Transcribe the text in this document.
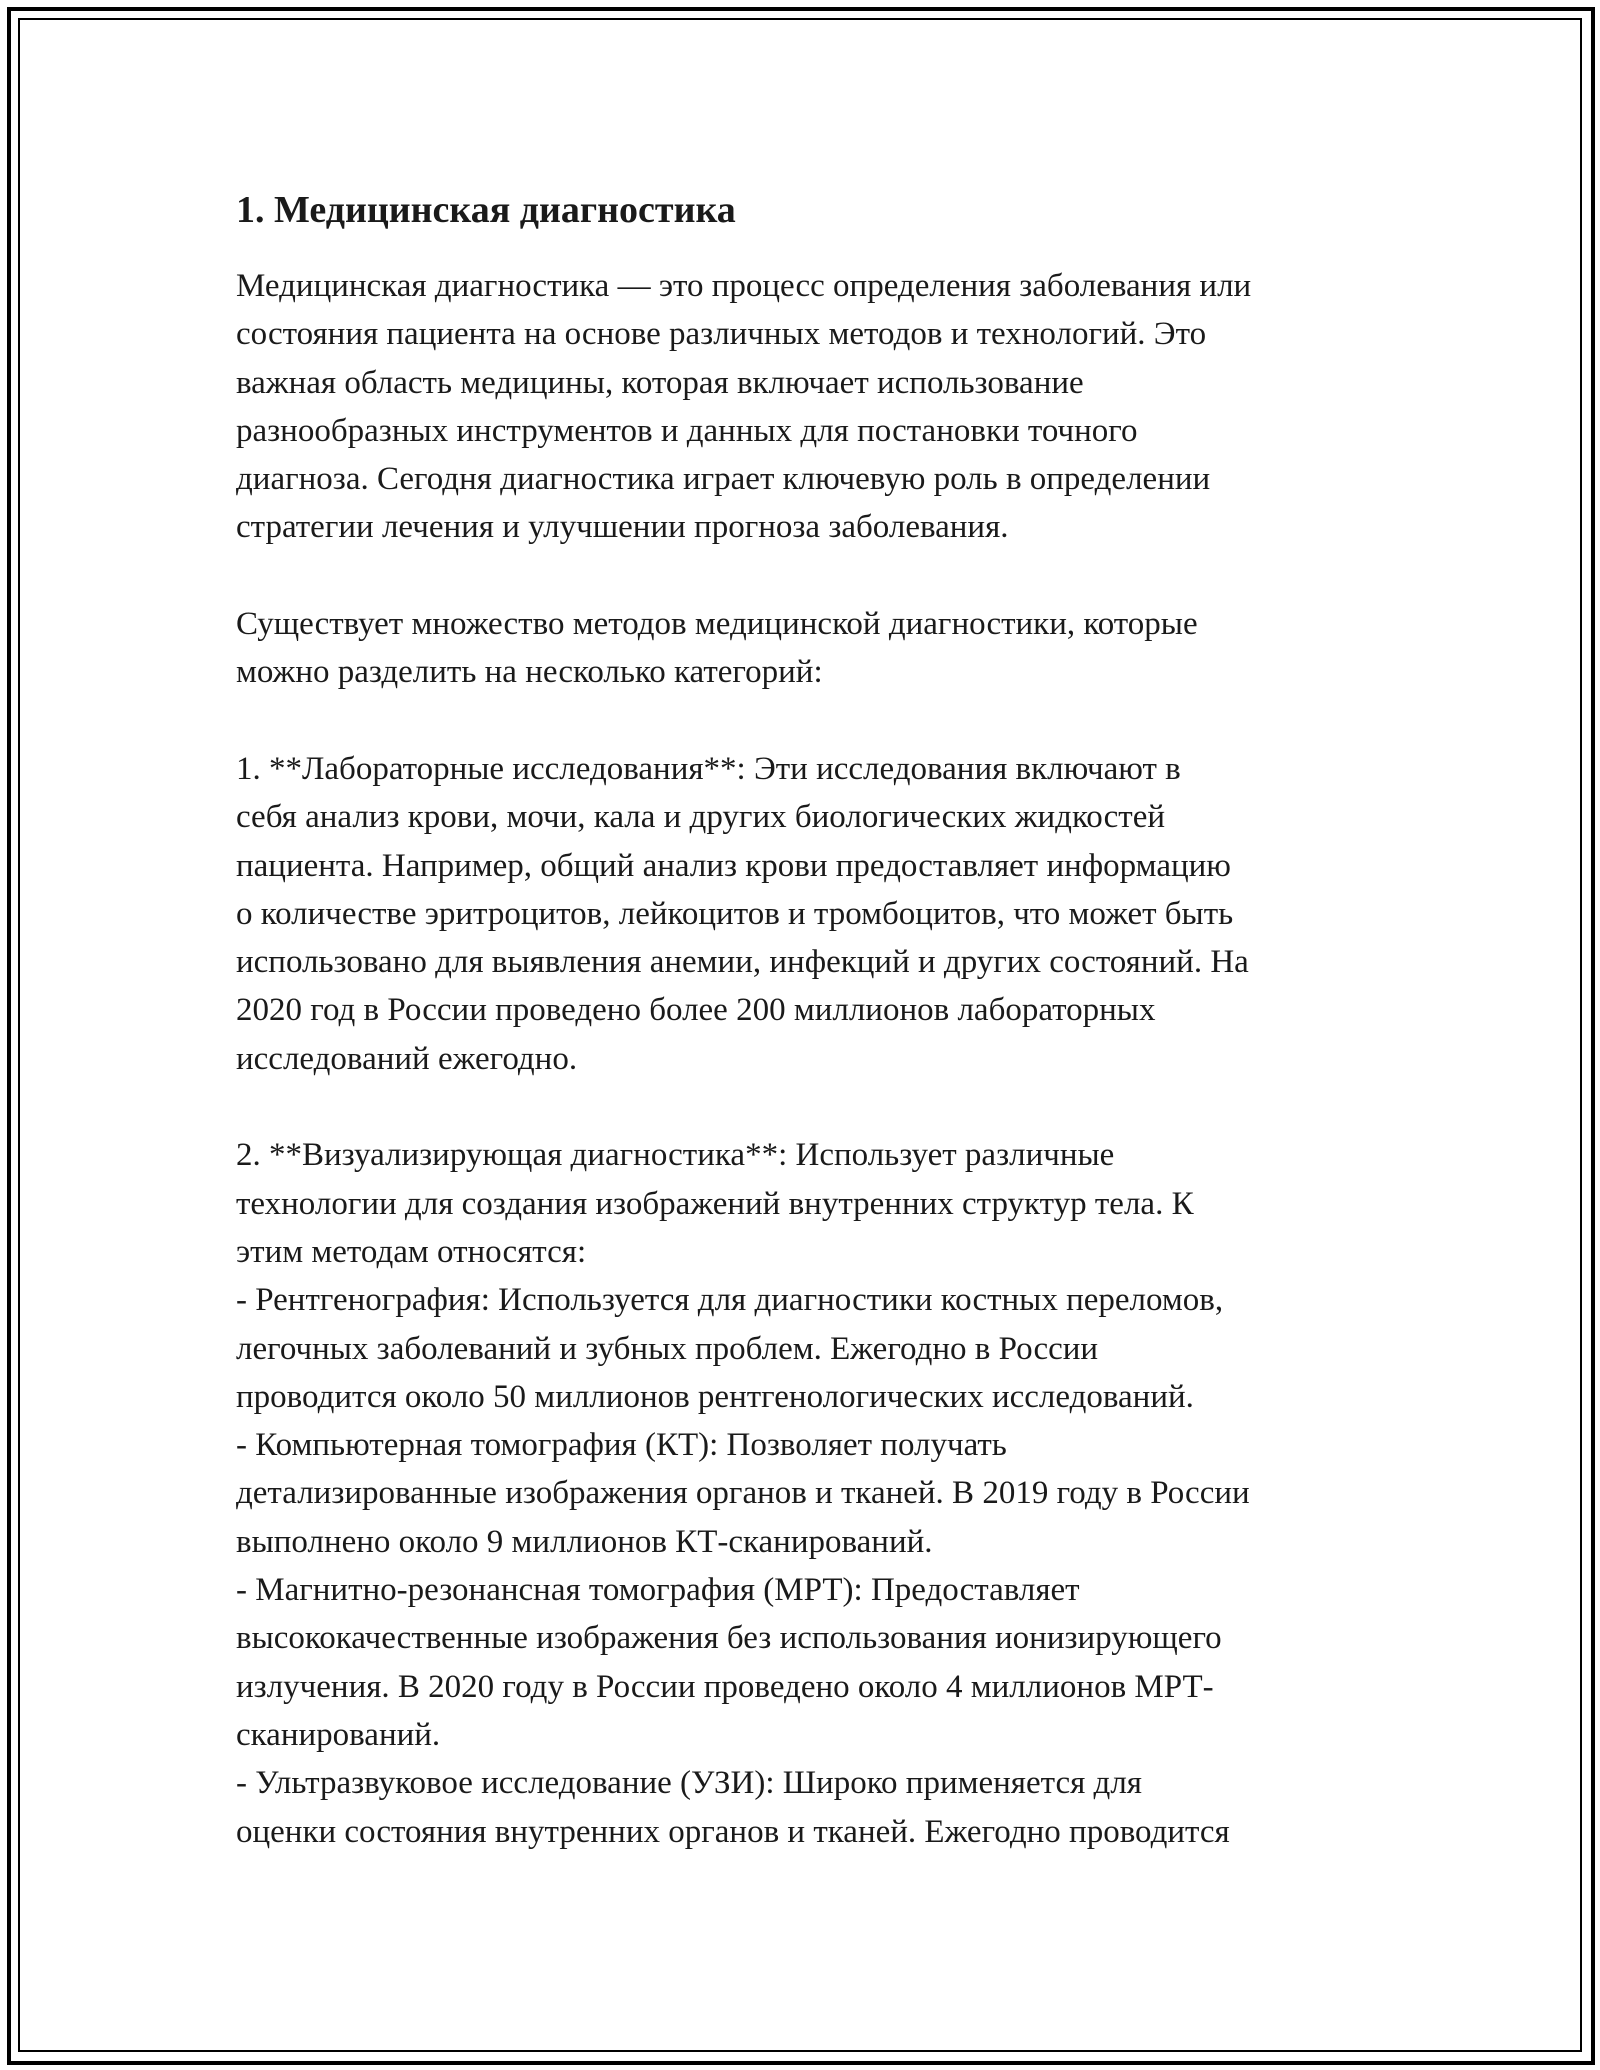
1. Медицинская диагностика

Медицинская диагностика — это процесс определения заболевания или
состояния пациента на основе различных методов и технологий. Это
важная область медицины, которая включает использование
разнообразных инструментов и данных для постановки точного
диагноза. Сегодня диагностика играет ключевую роль в определении
стратегии лечения и улучшении прогноза заболевания.

Существует множество методов медицинской диагностики, которые
можно разделить на несколько категорий:

1. **Лабораторные исследования**: Эти исследования включают в
себя анализ крови, мочи, кала и других биологических жидкостей
пациента. Например, общий анализ крови предоставляет информацию
о количестве эритроцитов, лейкоцитов и тромбоцитов, что может быть
использовано для выявления анемии, инфекций и других состояний. На
2020 год в России проведено более 200 миллионов лабораторных
исследований ежегодно.

2. **Визуализирующая диагностика**: Использует различные
технологии для создания изображений внутренних структур тела. К
этим методам относятся:
- Рентгенография: Используется для диагностики костных переломов,
легочных заболеваний и зубных проблем. Ежегодно в России
проводится около 50 миллионов рентгенологических исследований.
- Компьютерная томография (КТ): Позволяет получать
детализированные изображения органов и тканей. В 2019 году в России
выполнено около 9 миллионов КТ-сканирований.
- Магнитно-резонансная томография (МРТ): Предоставляет
высококачественные изображения без использования ионизирующего
излучения. В 2020 году в России проведено около 4 миллионов МРТ-
сканирований.
- Ультразвуковое исследование (УЗИ): Широко применяется для
оценки состояния внутренних органов и тканей. Ежегодно проводится
